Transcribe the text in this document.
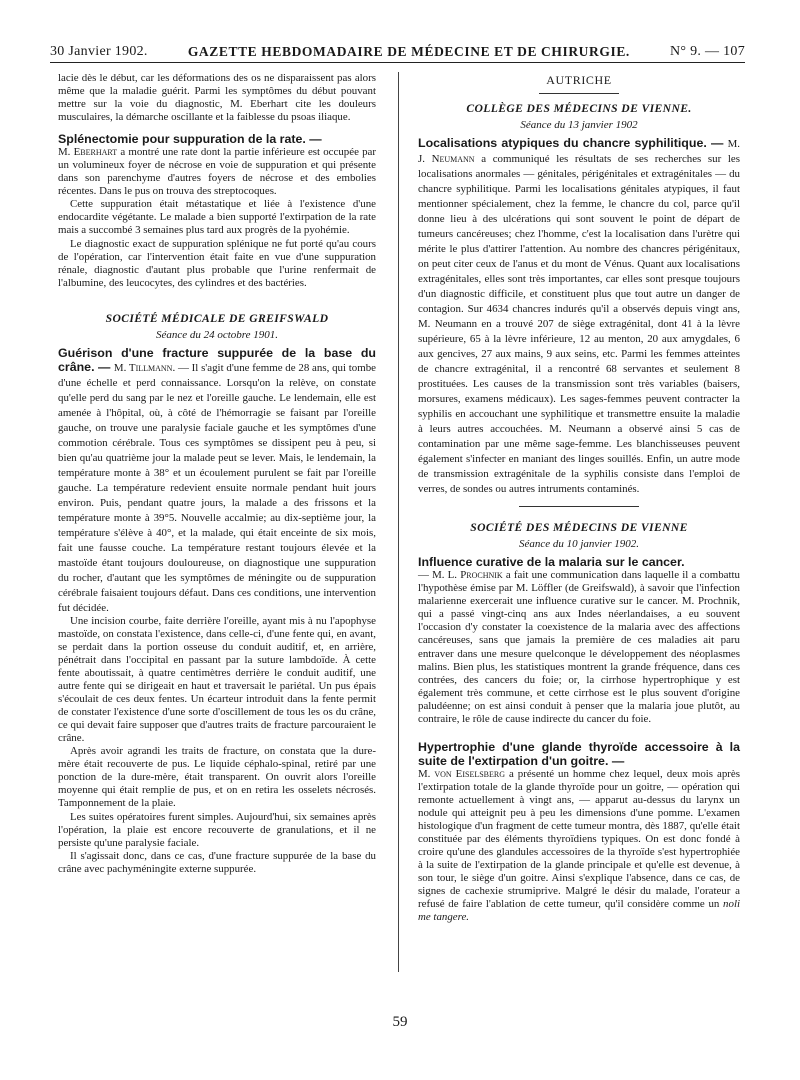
30 Janvier 1902.	GAZETTE HEBDOMADAIRE DE MÉDECINE ET DE CHIRURGIE.	N° 9. — 107

lacie dès le début, car les déformations des os ne disparaissent pas alors même que la maladie guérit. Parmi les symptômes du début pouvant mettre sur la voie du diagnostic, M. Eberhart cite les douleurs musculaires, la démarche oscillante et la faiblesse du psoas iliaque.

Splénectomie pour suppuration de la rate. —

M. Eberhart a montré une rate dont la partie inférieure est occupée par un volumineux foyer de nécrose en voie de suppuration et qui présente dans son parenchyme d'autres foyers de nécrose et des embolies récentes. Dans le pus on trouva des streptocoques.

Cette suppuration était métastatique et liée à l'existence d'une endocardite végétante. Le malade a bien supporté l'extirpation de la rate mais a succombé 3 semaines plus tard aux progrès de la pyohémie.

Le diagnostic exact de suppuration splénique ne fut porté qu'au cours de l'opération, car l'intervention était faite en vue d'une suppuration rénale, diagnostic d'autant plus probable que l'urine renfermait de l'albumine, des leucocytes, des cylindres et des bactéries.

SOCIÉTÉ MÉDICALE DE GREIFSWALD
Séance du 24 octobre 1901.
Guérison d'une fracture suppurée de la base du crâne. — M. Tillmann. — Il s'agit d'une femme de 28 ans, qui tombe d'une échelle et perd connaissance. Lorsqu'on la relève, on constate qu'elle perd du sang par le nez et l'oreille gauche. Le lendemain, elle est amenée à l'hôpital, où, à côté de l'hémorragie se faisant par l'oreille gauche, on trouve une paralysie faciale gauche et les symptômes d'une commotion cérébrale. Tous ces symptômes se dissipent peu à peu, si bien qu'au quatrième jour la malade peut se lever. Mais, le lendemain, la température monte à 38° et un écoulement purulent se fait par l'oreille gauche. La température redevient ensuite normale pendant huit jours environ. Puis, pendant quatre jours, la malade a des frissons et la température monte à 39°5. Nouvelle accalmie; au dix-septième jour, la température s'élève à 40°, et la malade, qui était enceinte de six mois, fait une fausse couche. La température restant toujours élevée et la mastoïde étant toujours douloureuse, on diagnostique une suppuration du rocher, d'autant que les symptômes de méningite ou de suppuration cérébrale faisaient toujours défaut. Dans ces conditions, une intervention fut décidée.

Une incision courbe, faite derrière l'oreille, ayant mis à nu l'apophyse mastoïde, on constata l'existence, dans celle-ci, d'une fente qui, en avant, se perdait dans la portion osseuse du conduit auditif, et, en arrière, pénétrait dans l'occipital en passant par la suture lambdoïde. À cette fente aboutissait, à quatre centimètres derrière le conduit auditif, une autre fente qui se dirigeait en haut et traversait le pariétal. Un pus épais s'écoulait de ces deux fentes. Un écarteur introduit dans la fente permit de constater l'existence d'une sorte d'oscillement de tous les os du crâne, ce qui devait faire supposer que d'autres traits de fracture parcouraient le crâne.

Après avoir agrandi les traits de fracture, on constata que la dure-mère était recouverte de pus. Le liquide céphalo-spinal, retiré par une ponction de la dure-mère, était transparent. On ouvrit alors l'oreille moyenne qui était remplie de pus, et on en retira les osselets nécrosés. Tamponnement de la plaie.

Les suites opératoires furent simples. Aujourd'hui, six semaines après l'opération, la plaie est encore recouverte de granulations, et il ne persiste qu'une paralysie faciale.

Il s'agissait donc, dans ce cas, d'une fracture suppurée de la base du crâne avec pachyméningite externe suppurée.

AUTRICHE
COLLÈGE DES MÉDECINS DE VIENNE.
Séance du 13 janvier 1902
Localisations atypiques du chancre syphilitique. — M. J. Neumann a communiqué les résultats de ses recherches sur les localisations anormales — génitales, périgénitales et extragénitales — du chancre syphilitique. Parmi les localisations génitales atypiques, il faut mentionner spécialement, chez la femme, le chancre du col, parce qu'il donne lieu à des ulcérations qui sont souvent le point de départ de tumeurs cancéreuses; chez l'homme, c'est la localisation dans l'urètre qui mérite le plus d'attirer l'attention. Au nombre des chancres périgénitaux, on peut citer ceux de l'anus et du mont de Vénus. Quant aux localisations extragénitales, elles sont très importantes, car elles sont presque toujours d'un diagnostic difficile, et constituent plus que tout autre un danger de contagion. Sur 4634 chancres indurés qu'il a observés depuis vingt ans, M. Neumann en a trouvé 207 de siège extragénital, dont 41 à la lèvre supérieure, 65 à la lèvre inférieure, 12 au menton, 20 aux amygdales, 6 aux gencives, 27 aux mains, 9 aux seins, etc. Parmi les femmes atteintes de chancre extragénital, il a rencontré 68 servantes et seulement 8 prostituées. Les causes de la transmission sont très variables (baisers, morsures, examens médicaux). Les sages-femmes peuvent contracter la syphilis en accouchant une syphilitique et transmettre ensuite la maladie à leurs autres accouchées. M. Neumann a observé ainsi 5 cas de contamination par une même sage-femme. Les blanchisseuses peuvent également s'infecter en maniant des linges souillés. Enfin, un autre mode de transmission extragénitale de la syphilis consiste dans l'emploi de verres, de sondes ou autres intruments contaminés.
SOCIÉTÉ DES MÉDECINS DE VIENNE
Séance du 10 janvier 1902.
Influence curative de la malaria sur le cancer.

— M. L. Prochnik a fait une communication dans laquelle il a combattu l'hypothèse émise par M. Löffler (de Greifswald), à savoir que l'infection malarienne exercerait une influence curative sur le cancer. M. Prochnik, qui a passé vingt-cinq ans aux Indes néerlandaises, a eu souvent l'occasion d'y constater la coexistence de la malaria avec des affections cancéreuses, sans que jamais la première de ces maladies ait paru entraver dans une mesure quelconque le développement des néoplasmes malins. Bien plus, les statistiques montrent la grande fréquence, dans ces contrées, des cancers du foie; or, la cirrhose hypertrophique y est également très commune, et cette cirrhose est le plus souvent d'origine paludéenne; on est ainsi conduit à penser que la malaria joue plutôt, au contraire, le rôle de cause indirecte du cancer du foie.

Hypertrophie d'une glande thyroïde accessoire à la suite de l'extirpation d'un goitre. —

M. von Eiselsberg a présenté un homme chez lequel, deux mois après l'extirpation totale de la glande thyroïde pour un goitre, — opération qui remonte actuellement à vingt ans, — apparut au-dessus du larynx un nodule qui atteignit peu à peu les dimensions d'une pomme. L'examen histologique d'un fragment de cette tumeur montra, dès 1887, qu'elle était constituée par des éléments thyroïdiens typiques. On est donc fondé à croire qu'une des glandules accessoires de la thyroïde s'est hypertrophiée à la suite de l'extirpation de la glande principale et qu'elle est devenue, à son tour, le siège d'un goitre. Ainsi s'explique l'absence, dans ce cas, de signes de cachexie strumiprive. Malgré le désir du malade, l'orateur a refusé de faire l'ablation de cette tumeur, qu'il considère comme un noli me tangere.

59
